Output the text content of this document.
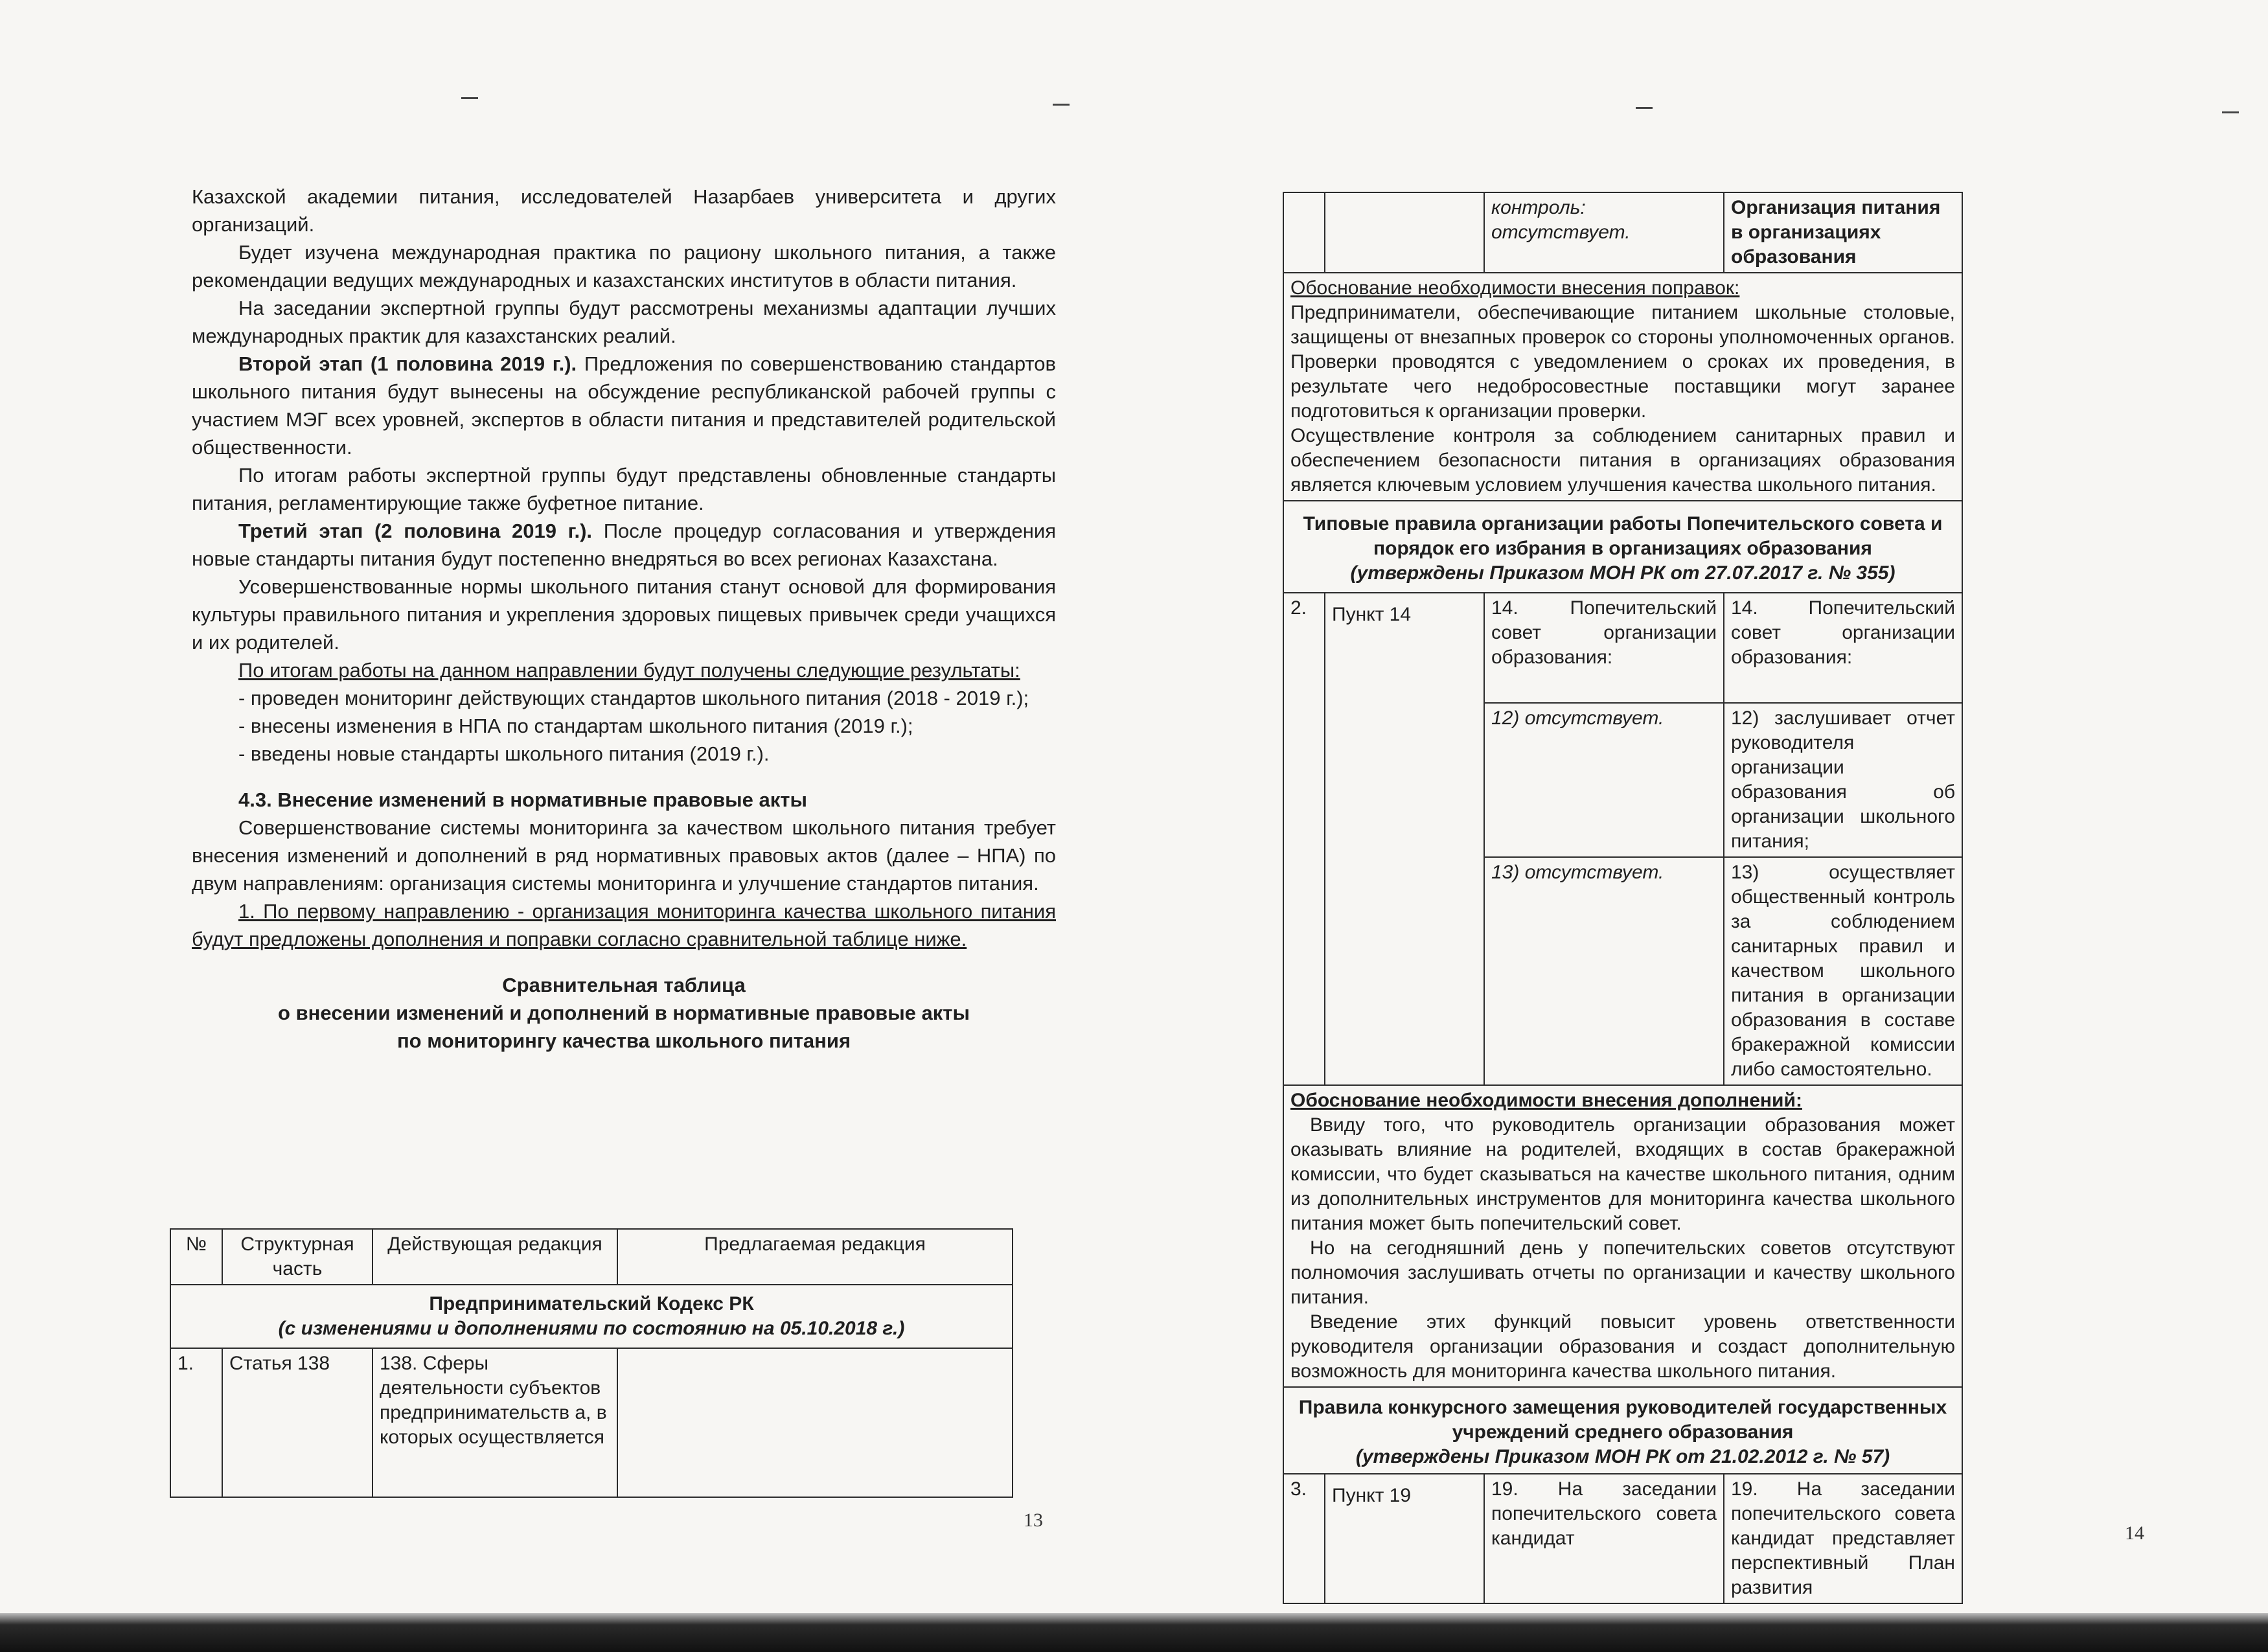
Казахской академии питания, исследователей Назарбаев университета и других организаций.

Будет изучена международная практика по рациону школьного питания, а также рекомендации ведущих международных и казахстанских институтов в области питания.

На заседании экспертной группы будут рассмотрены механизмы адаптации лучших международных практик для казахстанских реалий.

Второй этап (1 половина 2019 г.). Предложения по совершенствованию стандартов школьного питания будут вынесены на обсуждение республиканской рабочей группы с участием МЭГ всех уровней, экспертов в области питания и представителей родительской общественности.

По итогам работы экспертной группы будут представлены обновленные стандарты питания, регламентирующие также буфетное питание.

Третий этап (2 половина 2019 г.). После процедур согласования и утверждения новые стандарты питания будут постепенно внедряться во всех регионах Казахстана.

Усовершенствованные нормы школьного питания станут основой для формирования культуры правильного питания и укрепления здоровых пищевых привычек среди учащихся и их родителей.

По итогам работы на данном направлении будут получены следующие результаты:

- проведен мониторинг действующих стандартов школьного питания (2018 - 2019 г.);

- внесены изменения в НПА по стандартам школьного питания (2019 г.);

- введены новые стандарты школьного питания (2019 г.).

4.3. Внесение изменений в нормативные правовые акты

Совершенствование системы мониторинга за качеством школьного питания требует внесения изменений и дополнений в ряд нормативных правовых актов (далее – НПА) по двум направлениям: организация системы мониторинга и улучшение стандартов питания.

1. По первому направлению - организация мониторинга качества школьного питания будут предложены дополнения и поправки согласно сравнительной таблице ниже.

Сравнительная таблица

о внесении изменений и дополнений в нормативные правовые акты

по мониторингу качества школьного питания

№	Структурная часть	Действующая редакция	Предлагаемая редакция

Предпринимательский Кодекс РК
(с изменениями и дополнениями по состоянию на 05.10.2018 г.)			

1.	Статья 138	138. Сферы деятельности субъектов предпринимательств а, в которых осуществляется	
13
		контроль: отсутствует.	Организация питания в организациях образования

Обоснование необходимости внесения поправок:
Предприниматели, обеспечивающие питанием школьные столовые, защищены от внезапных проверок со стороны уполномоченных органов. Проверки проводятся с уведомлением о сроках их проведения, в результате чего недобросовестные поставщики могут заранее подготовиться к организации проверки.
Осуществление контроля за соблюдением санитарных правил и обеспечением безопасности питания в организациях образования является ключевым условием улучшения качества школьного питания.			

Типовые правила организации работы Попечительского совета и порядок его избрания в организациях образования
(утверждены Приказом МОН РК от 27.07.2017 г. № 355)			

2.	Пункт 14	14. Попечительский совет организации образования:	14. Попечительский совет организации образования:
		12) отсутствует.	12) заслушивает отчет руководителя организации образования об организации школьного питания;
		13) отсутствует.	13) осуществляет общественный контроль за соблюдением санитарных правил и качеством школьного питания в организации образования в составе бракеражной комиссии либо самостоятельно.

Обоснование необходимости внесения дополнений:
Ввиду того, что руководитель организации образования может оказывать влияние на родителей, входящих в состав бракеражной комиссии, что будет сказываться на качестве школьного питания, одним из дополнительных инструментов для мониторинга качества школьного питания может быть попечительский совет.
Но на сегодняшний день у попечительских советов отсутствуют полномочия заслушивать отчеты по организации и качеству школьного питания.
Введение этих функций повысит уровень ответственности руководителя организации образования и создаст дополнительную возможность для мониторинга качества школьного питания.			

Правила конкурсного замещения руководителей государственных учреждений среднего образования
(утверждены Приказом МОН РК от 21.02.2012 г. № 57)			

3.	Пункт 19	19. На заседании попечительского совета кандидат	19. На заседании попечительского совета кандидат представляет перспективный План развития
14
